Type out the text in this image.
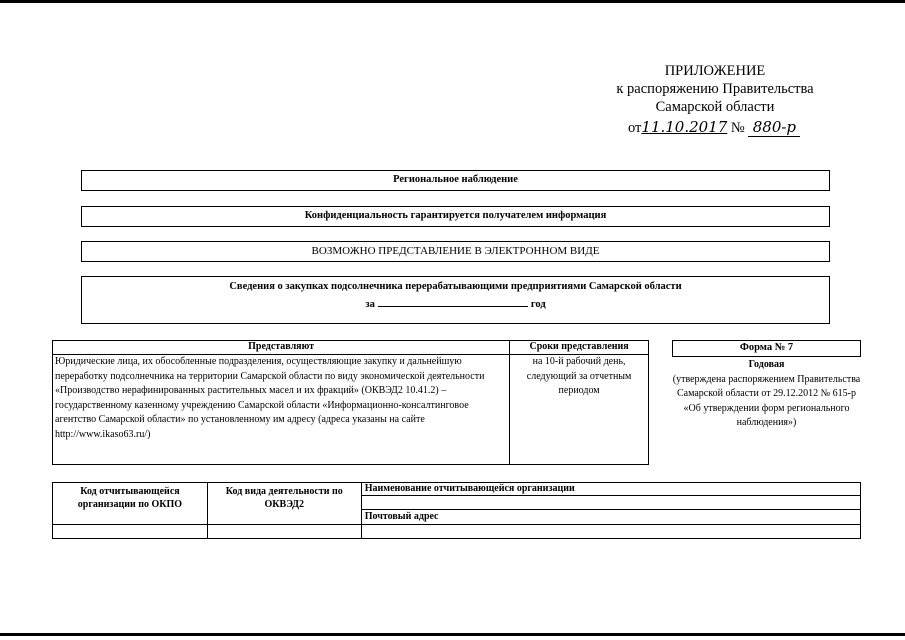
ПРИЛОЖЕНИЕ
к распоряжению Правительства
Самарской области
от11.10.2017 № 880-р
Региональное наблюдение
Конфиденциальность гарантируется получателем информация
ВОЗМОЖНО ПРЕДСТАВЛЕНИЕ В ЭЛЕКТРОННОМ ВИДЕ
Сведения о закупках подсолнечника перерабатывающими предприятиями Самарской области
за	год
Представляют	Сроки представления
Юридические лица, их обособленные подразделения, осуществляющие закупку и дальнейшую переработку подсолнечника на территории Самарской области по виду экономической деятельности «Производство нерафинированных растительных масел и их фракций» (ОКВЭД2 10.41.2) – государственному казенному учреждению Самарской области «Информационно-консалтинговое агентство Самарской области» по установленному им адресу (адреса указаны на сайте http://www.ikaso63.ru/)	на 10-й рабочий день, следующий за отчетным периодом
Форма № 7
Годовая
(утверждена распоряжением Правительства Самарской области от 29.12.2012 № 615-р «Об утверждении форм регионального наблюдения»)
Код отчитывающейся организации по ОКПО	Код вида деятельности по ОКВЭД2	Наименование отчитывающейся организации

		Почтовый адрес
